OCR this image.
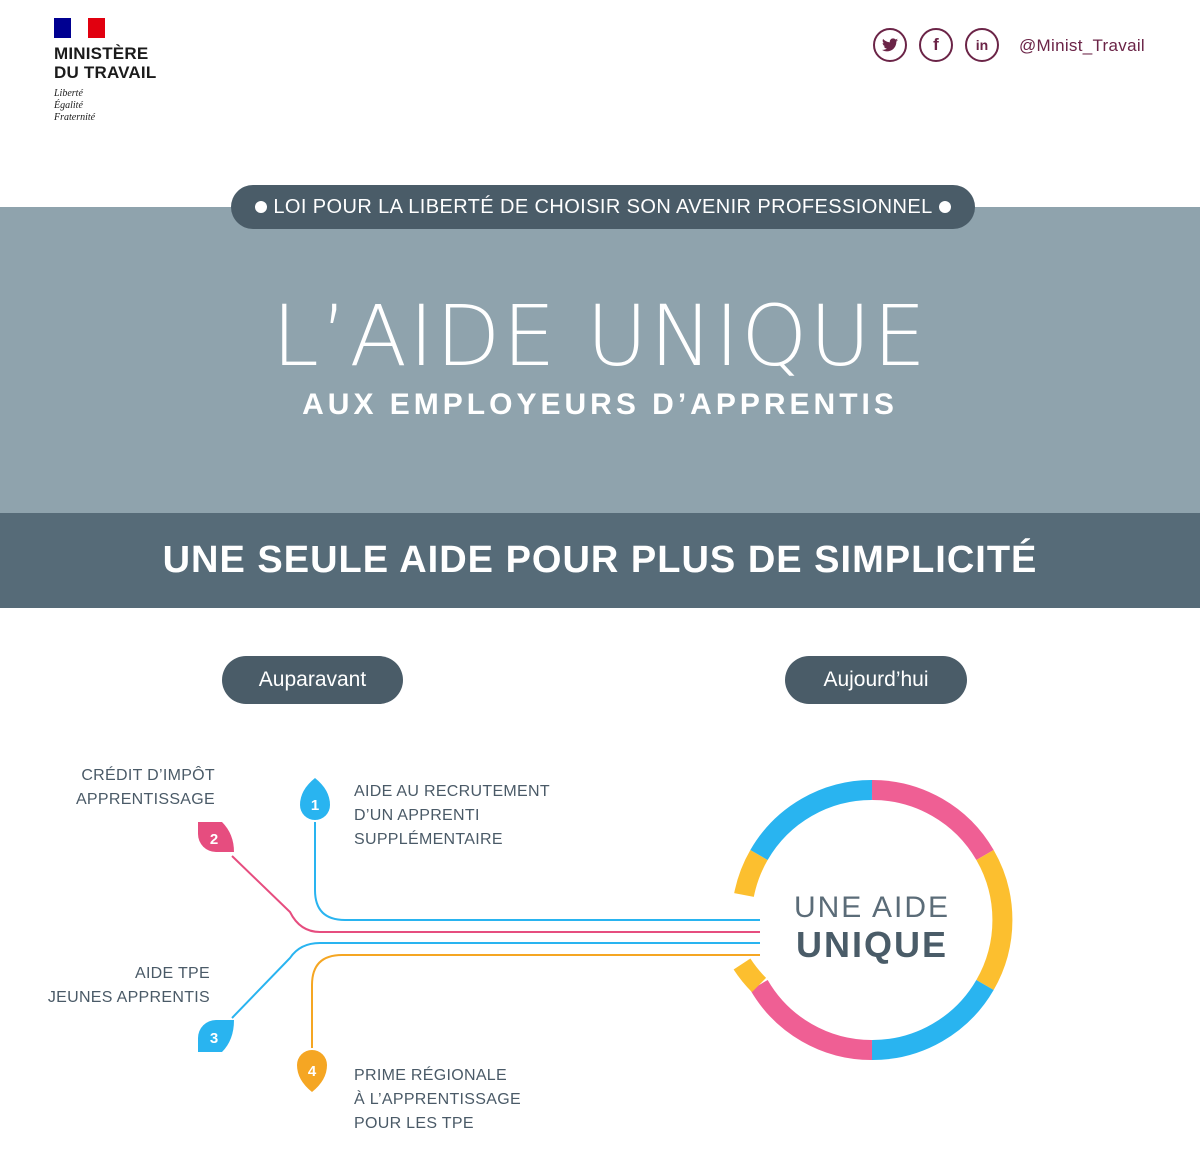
MINISTÈRE
DU TRAVAIL
Liberté
Égalité
Fraternité
f	in @Minist_Travail
LOI POUR LA LIBERTÉ DE CHOISIR SON AVENIR PROFESSIONNEL
L’AIDE UNIQUE
AUX EMPLOYEURS D’APPRENTIS
UNE SEULE AIDE POUR PLUS DE SIMPLICITÉ
Auparavant	Aujourd’hui
1
2
3
4
AIDE AU RECRUTEMENT
D’UN APPRENTI
SUPPLÉMENTAIRE
CRÉDIT D’IMPÔT
APPRENTISSAGE
AIDE TPE
JEUNES APPRENTIS
PRIME RÉGIONALE
À L’APPRENTISSAGE
POUR LES TPE
UNE AIDE
UNIQUE
